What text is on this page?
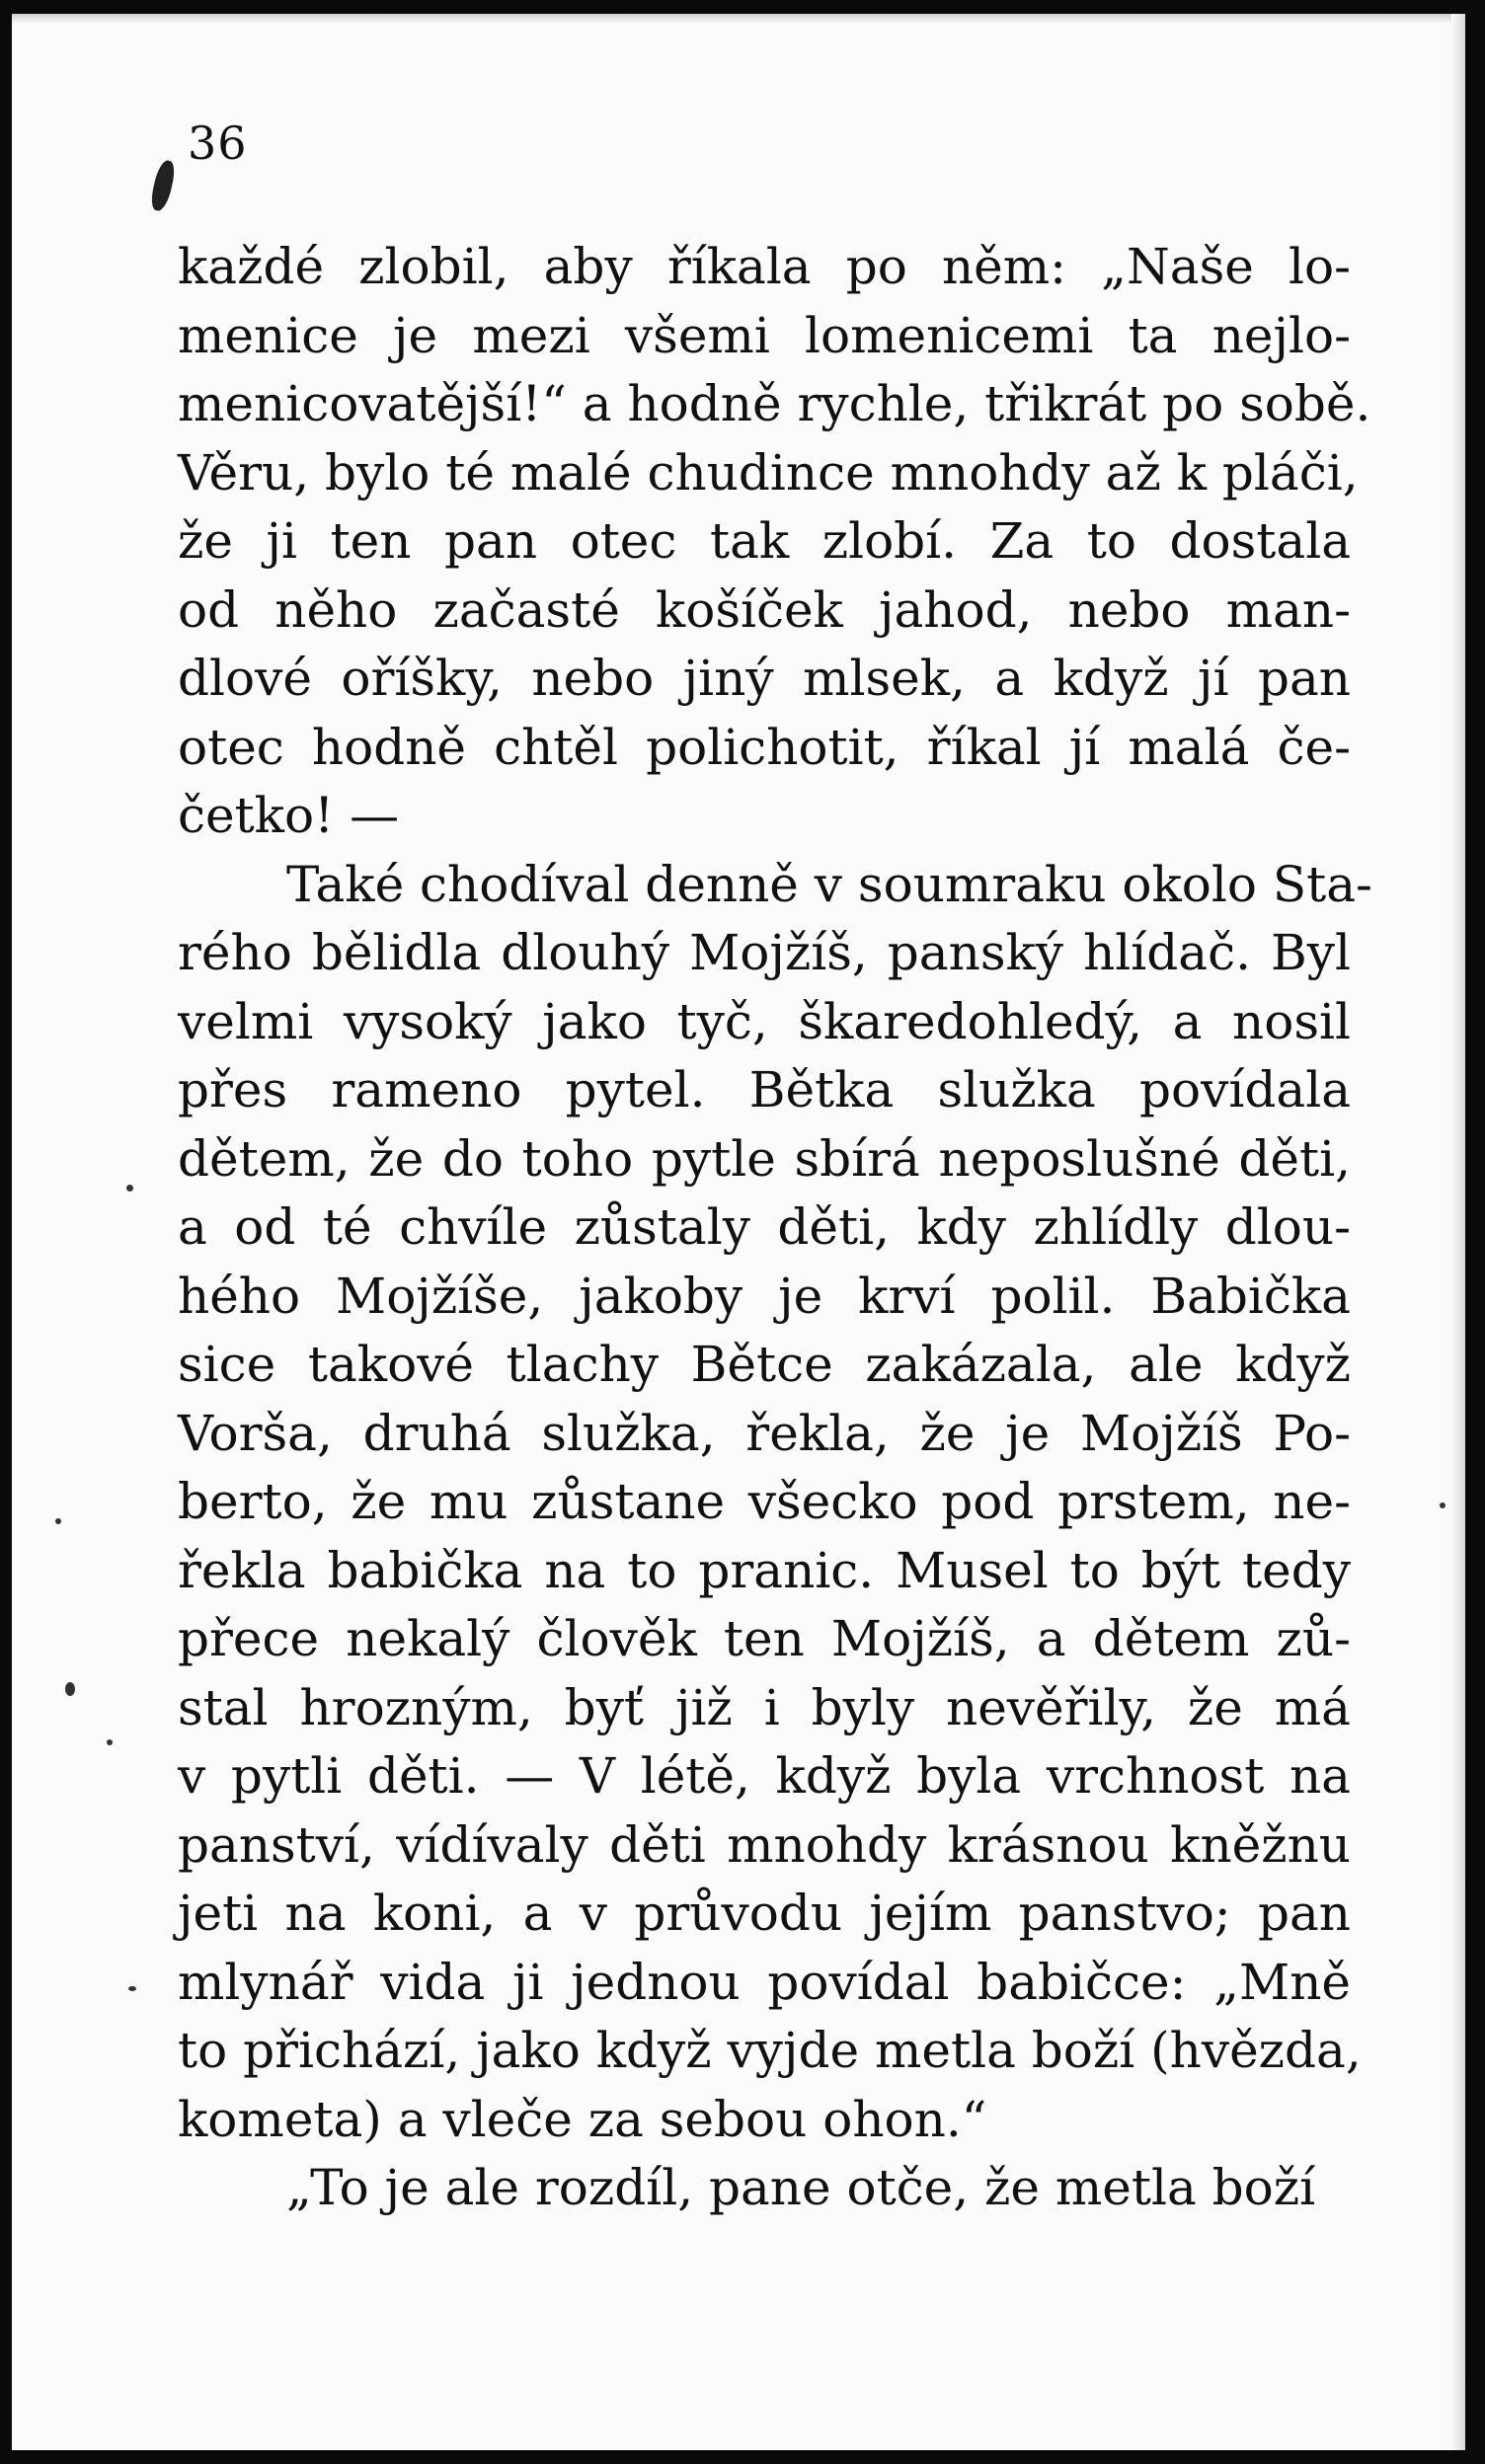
36
každé zlobil, aby říkala po něm: „Naše lo-
menice je mezi všemi lomenicemi ta nejlo-
menicovatější!“ a hodně rychle, třikrát po sobě.
Věru, bylo té malé chudince mnohdy až k pláči,
že ji ten pan otec tak zlobí. Za to dostala
od něho začasté košíček jahod, nebo man-
dlové oříšky, nebo jiný mlsek, a když jí pan
otec hodně chtěl polichotit, říkal jí malá če-
četko! —
Také chodíval denně v soumraku okolo Sta-
rého bělidla dlouhý Mojžíš, panský hlídač. Byl
velmi vysoký jako tyč, škaredohledý, a nosil
přes rameno pytel. Bětka služka povídala
dětem, že do toho pytle sbírá neposlušné děti,
a od té chvíle zůstaly děti, kdy zhlídly dlou-
hého Mojžíše, jakoby je krví polil. Babička
sice takové tlachy Bětce zakázala, ale když
Vorša, druhá služka, řekla, že je Mojžíš Po-
berto, že mu zůstane všecko pod prstem, ne-
řekla babička na to pranic. Musel to být tedy
přece nekalý člověk ten Mojžíš, a dětem zů-
stal hrozným, byť již i byly nevěřily, že má
v pytli děti. — V létě, když byla vrchnost na
panství, vídívaly děti mnohdy krásnou kněžnu
jeti na koni, a v průvodu jejím panstvo; pan
mlynář vida ji jednou povídal babičce: „Mně
to přichází, jako když vyjde metla boží (hvězda,
kometa) a vleče za sebou ohon.“
„To je ale rozdíl, pane otče, že metla boží
